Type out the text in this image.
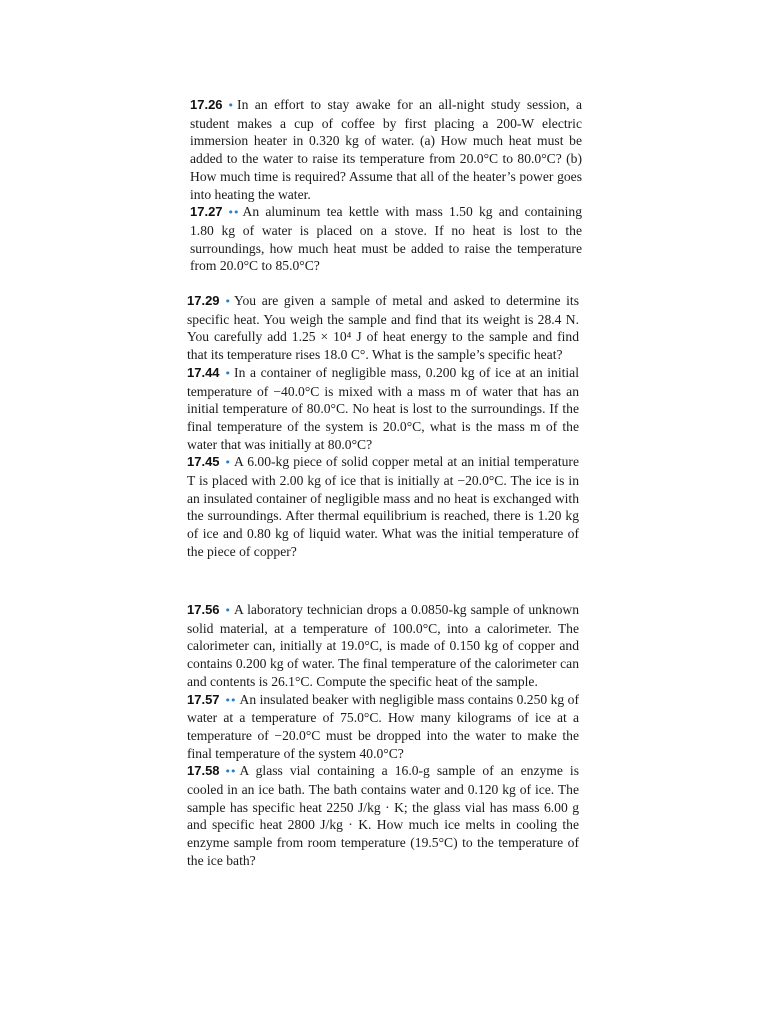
17.26 • In an effort to stay awake for an all-night study session, a student makes a cup of coffee by first placing a 200-W electric immersion heater in 0.320 kg of water. (a) How much heat must be added to the water to raise its temperature from 20.0°C to 80.0°C? (b) How much time is required? Assume that all of the heater’s power goes into heating the water.

17.27 •• An aluminum tea kettle with mass 1.50 kg and containing 1.80 kg of water is placed on a stove. If no heat is lost to the surroundings, how much heat must be added to raise the temperature from 20.0°C to 85.0°C?

17.29 • You are given a sample of metal and asked to determine its specific heat. You weigh the sample and find that its weight is 28.4 N. You carefully add 1.25 × 10⁴ J of heat energy to the sample and find that its temperature rises 18.0 C°. What is the sample’s specific heat?

17.44 • In a container of negligible mass, 0.200 kg of ice at an initial temperature of −40.0°C is mixed with a mass m of water that has an initial temperature of 80.0°C. No heat is lost to the surroundings. If the final temperature of the system is 20.0°C, what is the mass m of the water that was initially at 80.0°C?

17.45 • A 6.00-kg piece of solid copper metal at an initial temperature T is placed with 2.00 kg of ice that is initially at −20.0°C. The ice is in an insulated container of negligible mass and no heat is exchanged with the surroundings. After thermal equilibrium is reached, there is 1.20 kg of ice and 0.80 kg of liquid water. What was the initial temperature of the piece of copper?

17.56 • A laboratory technician drops a 0.0850-kg sample of unknown solid material, at a temperature of 100.0°C, into a calorimeter. The calorimeter can, initially at 19.0°C, is made of 0.150 kg of copper and contains 0.200 kg of water. The final temperature of the calorimeter can and contents is 26.1°C. Compute the specific heat of the sample.

17.57 •• An insulated beaker with negligible mass contains 0.250 kg of water at a temperature of 75.0°C. How many kilograms of ice at a temperature of −20.0°C must be dropped into the water to make the final temperature of the system 40.0°C?

17.58 •• A glass vial containing a 16.0-g sample of an enzyme is cooled in an ice bath. The bath contains water and 0.120 kg of ice. The sample has specific heat 2250 J/kg · K; the glass vial has mass 6.00 g and specific heat 2800 J/kg · K. How much ice melts in cooling the enzyme sample from room temperature (19.5°C) to the temperature of the ice bath?
